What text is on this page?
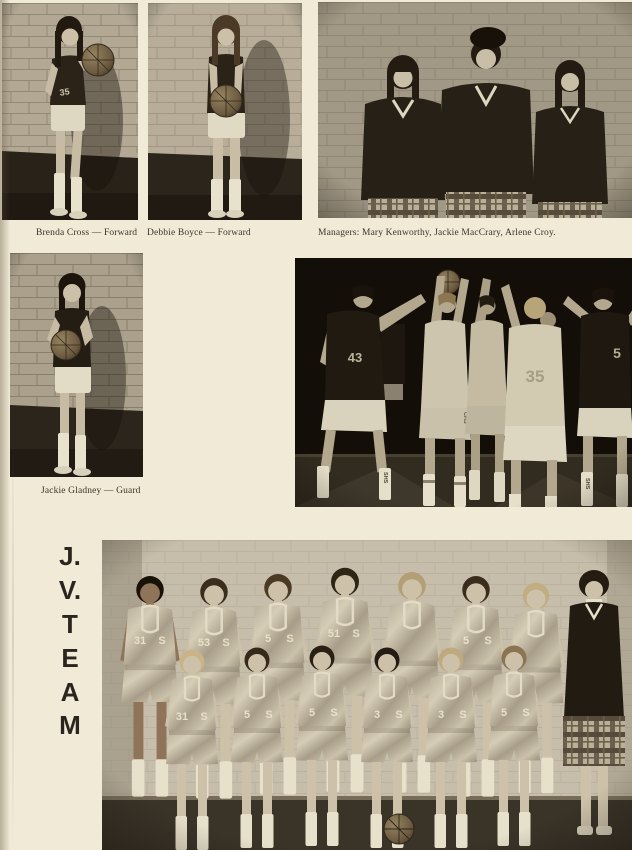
35
Brenda Cross — Forward Debbie Boyce — Forward	Managers: Mary Kenworthy, Jackie MacCrary, Arlene Croy.
Jackie Gladney — Guard
J.
V.
T
E
A
M
